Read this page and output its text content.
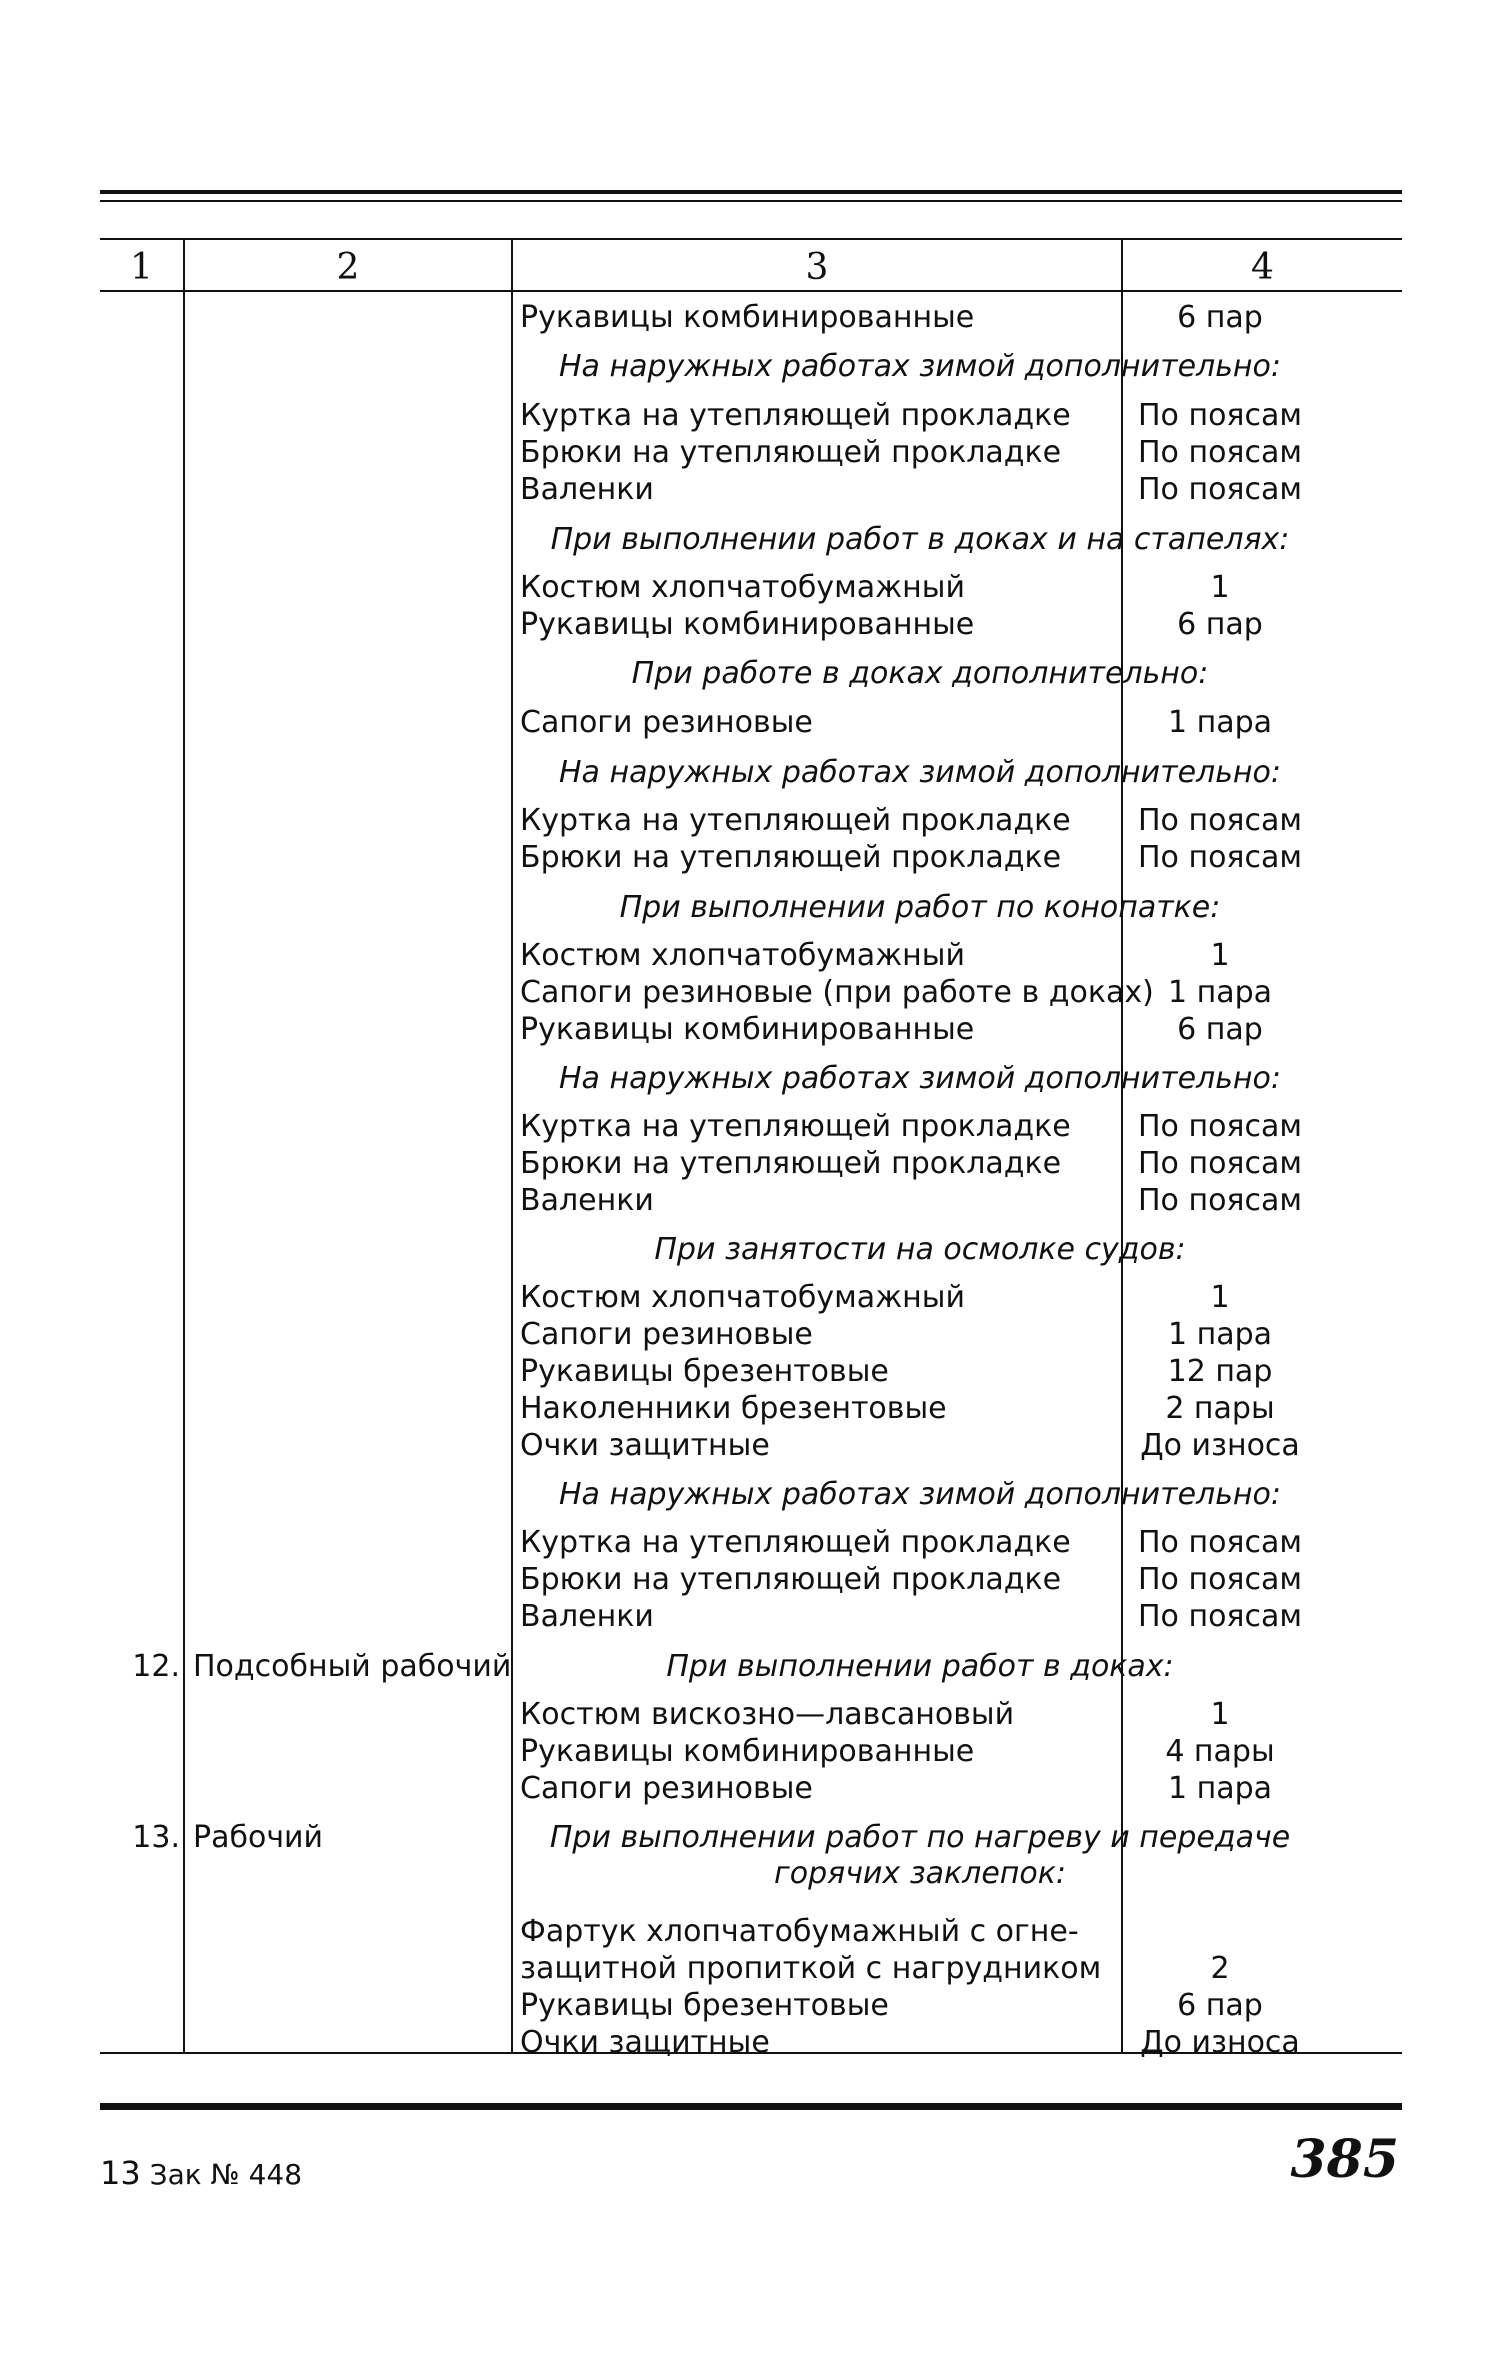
1	2	3	4
Рукавицы комбинированные	6 пар
На наружных работах зимой дополнительно:
Куртка на утепляющей прокладке	По поясам
Брюки на утепляющей прокладке	По поясам
Валенки	По поясам
При выполнении работ в доках и на стапелях:
Костюм хлопчатобумажный	1
Рукавицы комбинированные	6 пар
При работе в доках дополнительно:
Сапоги резиновые	1 пара
На наружных работах зимой дополнительно:
Куртка на утепляющей прокладке	По поясам
Брюки на утепляющей прокладке	По поясам
При выполнении работ по конопатке:
Костюм хлопчатобумажный	1
Сапоги резиновые (при работе в доках) 1 пара
Рукавицы комбинированные	6 пар
На наружных работах зимой дополнительно:
Куртка на утепляющей прокладке	По поясам
Брюки на утепляющей прокладке	По поясам
Валенки	По поясам
При занятости на осмолке судов:
Костюм хлопчатобумажный	1
Сапоги резиновые	1 пара
Рукавицы брезентовые	12 пар
Наколенники брезентовые	2 пары
Очки защитные	До износа
На наружных работах зимой дополнительно:
Куртка на утепляющей прокладке	По поясам
Брюки на утепляющей прокладке	По поясам
Валенки	По поясам
12. Подсобный рабочий	При выполнении работ в доках:
Костюм вискозно—лавсановый	1
Рукавицы комбинированные	4 пары
Сапоги резиновые	1 пара
13. Рабочий	При выполнении работ по нагреву и передаче
горячих заклепок:
Фартук хлопчатобумажный с огне-
защитной пропиткой с нагрудником	2
Рукавицы брезентовые	6 пар
Очки защитные	До износа
13 Зак № 448	385
